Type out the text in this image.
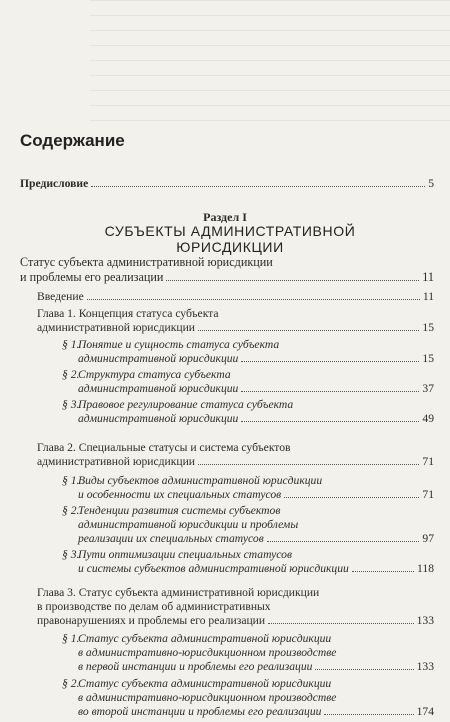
Содержание
Предисловие	5
Раздел I
СУБЪЕКТЫ АДМИНИСТРАТИВНОЙ
ЮРИСДИКЦИИ
Статус субъекта административной юрисдикции
и проблемы его реализации	11
Введение	11
Глава 1. Концепция статуса субъекта
административной юрисдикции	15
§ 1.
Понятие и сущность статуса субъекта
административной юрисдикции	15
§ 2.
Структура статуса субъекта
административной юрисдикции	37
§ 3.
Правовое регулирование статуса субъекта
административной юрисдикции	49
Глава 2. Специальные статусы и система субъектов
административной юрисдикции	71
§ 1.
Виды субъектов административной юрисдикции
и особенности их специальных статусов	71
§ 2.
Тенденции развития системы субъектов
административной юрисдикции и проблемы
реализации их специальных статусов	97
§ 3.
Пути оптимизации специальных статусов
и системы субъектов административной юрисдикции	118
Глава 3. Статус субъекта административной юрисдикции
в производстве по делам об административных
правонарушениях и проблемы его реализации	133
§ 1.
Статус субъекта административной юрисдикции
в административно-юрисдикционном производстве
в первой инстанции и проблемы его реализации	133
§ 2.
Статус субъекта административной юрисдикции
в административно-юрисдикционном производстве
во второй инстанции и проблемы его реализации	174
